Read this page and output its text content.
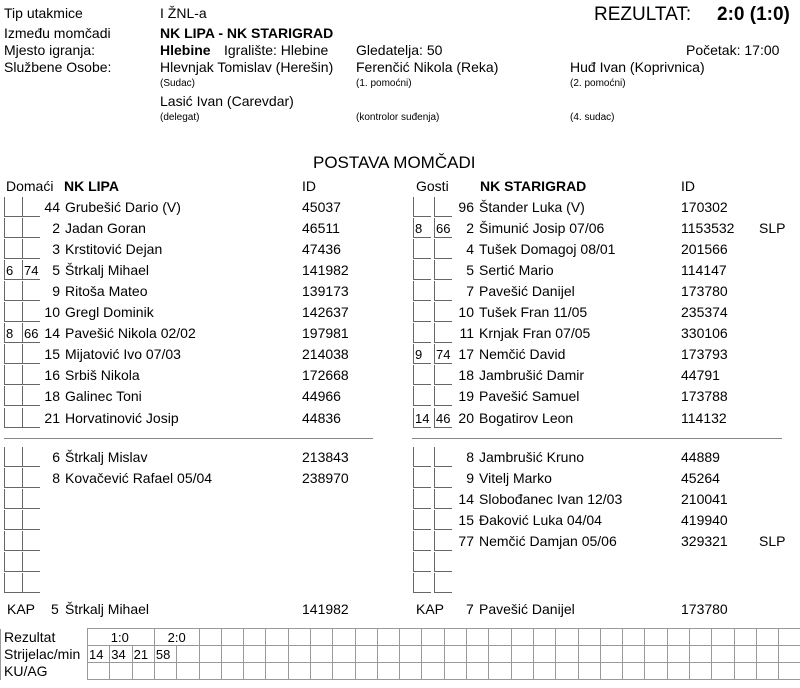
Tip utakmice	I ŽNL-a	REZULTAT: 2:0 (1:0)
Između momčadi	NK LIPA - NK STARIGRAD
Mjesto igranja:	Hlebine Igralište: Hlebine Gledatelja: 50	Početak: 17:00
Službene Osobe:	Hlevnjak Tomislav (Herešin) Ferenčić Nikola (Reka)	Huđ Ivan (Koprivnica)
(Sudac)	(1. pomoćni)	(2. pomoćni)
Lasić Ivan (Carevdar)
(delegat)	(kontrolor suđenja)	(4. sudac)
POSTAVA MOMČADI
Domaći NK LIPA	ID	Gosti NK STARIGRAD	ID
44 Grubešić Dario (V)	45037
2 Jadan Goran	46511
3 Krstitović Dejan	47436
6 74 5 Štrkalj Mihael	141982
9 Ritoša Mateo	139173
10 Gregl Dominik	142637
8 66 14 Pavešić Nikola 02/02	197981
15 Mijatović Ivo 07/03	214038
16 Srbiš Nikola	172668
18 Galinec Toni	44966
21 Horvatinović Josip	44836
6 Štrkalj Mislav	213843
8 Kovačević Rafael 05/04	238970
96 Štander Luka (V)	170302
8 66	2 Šimunić Josip 07/06	1153532 SLP
4 Tušek Domagoj 08/01	201566
5 Sertić Mario	114147
7 Pavešić Danijel	173780
10 Tušek Fran 11/05	235374
11 Krnjak Fran 07/05	330106
9 74 17 Nemčić David	173793
18 Jambrušić Damir	44791
19 Pavešić Samuel	173788
14 46 20 Bogatirov Leon	114132
8 Jambrušić Kruno	44889
9 Vitelj Marko	45264
14 Slobođanec Ivan 12/03	210041
15 Đaković Luka 04/04	419940
77 Nemčić Damjan 05/06	329321 SLP
KAP 5 Štrkalj Mihael	141982	KAP 7 Pavešić Danijel	173780
Rezultat		1:0		2:0																												
Strijelac/min	14	34	21	58																												
KU/AG																																
